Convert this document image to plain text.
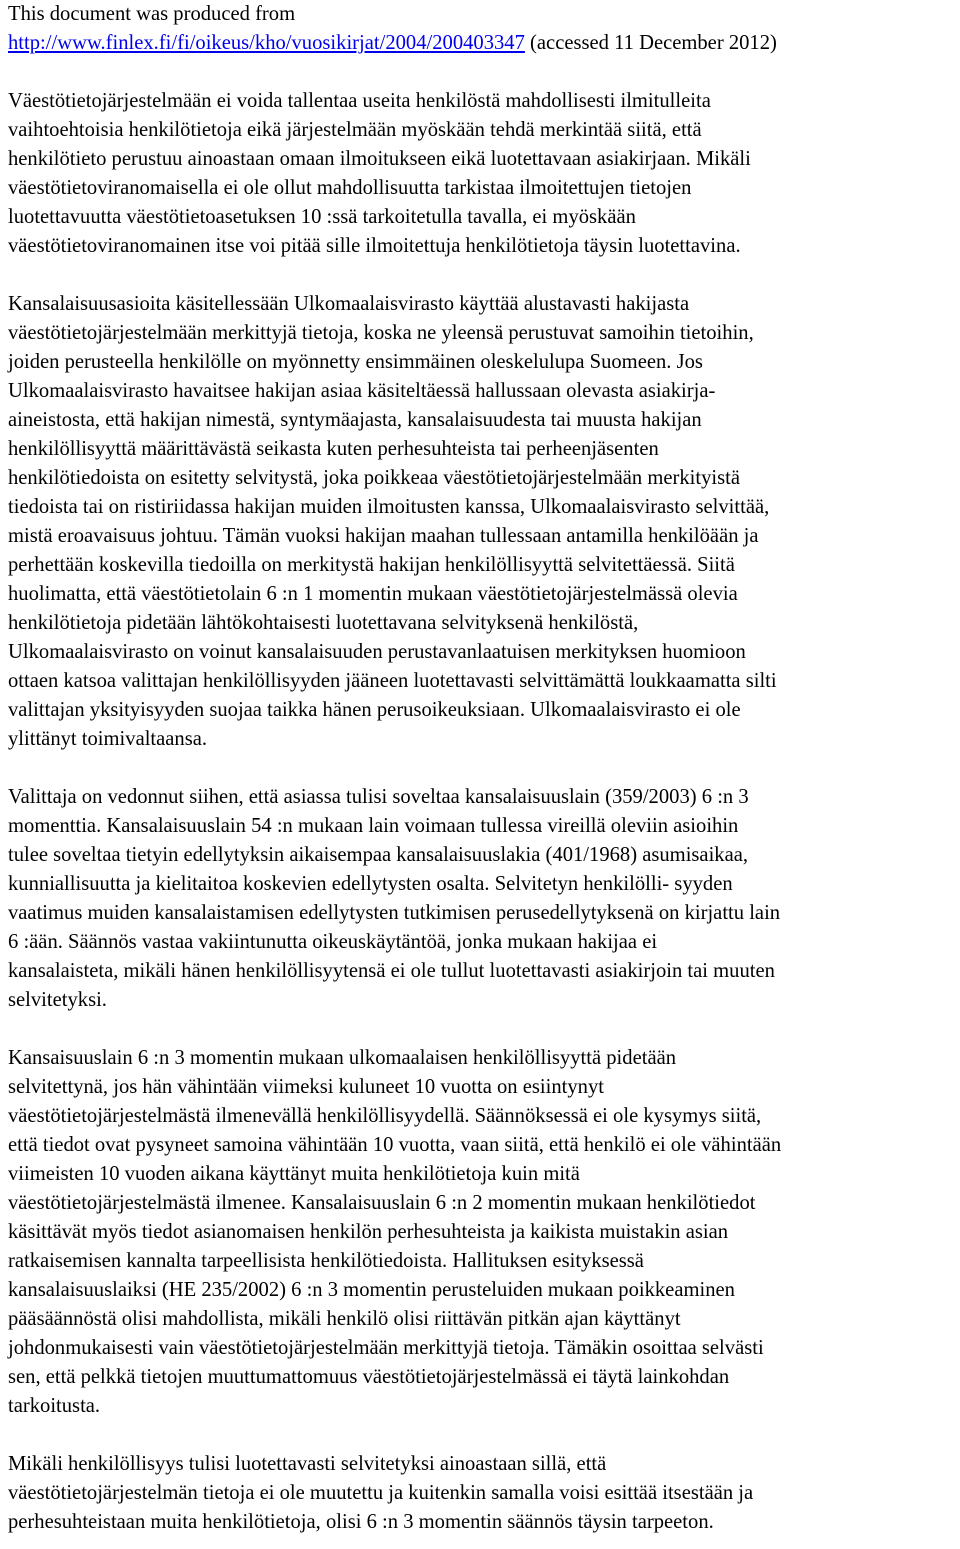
This document was produced from
http://www.finlex.fi/fi/oikeus/kho/vuosikirjat/2004/200403347 (accessed 11 December 2012)

Väestötietojärjestelmään ei voida tallentaa useita henkilöstä mahdollisesti ilmitulleita
vaihtoehtoisia henkilötietoja eikä järjestelmään myöskään tehdä merkintää siitä, että
henkilötieto perustuu ainoastaan omaan ilmoitukseen eikä luotettavaan asiakirjaan. Mikäli
väestötietoviranomaisella ei ole ollut mahdollisuutta tarkistaa ilmoitettujen tietojen
luotettavuutta väestötietoasetuksen 10 :ssä tarkoitetulla tavalla, ei myöskään
väestötietoviranomainen itse voi pitää sille ilmoitettuja henkilötietoja täysin luotettavina.

Kansalaisuusasioita käsitellessään Ulkomaalaisvirasto käyttää alustavasti hakijasta
väestötietojärjestelmään merkittyjä tietoja, koska ne yleensä perustuvat samoihin tietoihin,
joiden perusteella henkilölle on myönnetty ensimmäinen oleskelulupa Suomeen. Jos
Ulkomaalaisvirasto havaitsee hakijan asiaa käsiteltäessä hallussaan olevasta asiakirja-
aineistosta, että hakijan nimestä, syntymäajasta, kansalaisuudesta tai muusta hakijan
henkilöllisyyttä määrittävästä seikasta kuten perhesuhteista tai perheenjäsenten
henkilötiedoista on esitetty selvitystä, joka poikkeaa väestötietojärjestelmään merkityistä
tiedoista tai on ristiriidassa hakijan muiden ilmoitusten kanssa, Ulkomaalaisvirasto selvittää,
mistä eroavaisuus johtuu. Tämän vuoksi hakijan maahan tullessaan antamilla henkilöään ja
perhettään koskevilla tiedoilla on merkitystä hakijan henkilöllisyyttä selvitettäessä. Siitä
huolimatta, että väestötietolain 6 :n 1 momentin mukaan väestötietojärjestelmässä olevia
henkilötietoja pidetään lähtökohtaisesti luotettavana selvityksenä henkilöstä,
Ulkomaalaisvirasto on voinut kansalaisuuden perustavanlaatuisen merkityksen huomioon
ottaen katsoa valittajan henkilöllisyyden jääneen luotettavasti selvittämättä loukkaamatta silti
valittajan yksityisyyden suojaa taikka hänen perusoikeuksiaan. Ulkomaalaisvirasto ei ole
ylittänyt toimivaltaansa.

Valittaja on vedonnut siihen, että asiassa tulisi soveltaa kansalaisuuslain (359/2003) 6 :n 3
momenttia. Kansalaisuuslain 54 :n mukaan lain voimaan tullessa vireillä oleviin asioihin
tulee soveltaa tietyin edellytyksin aikaisempaa kansalaisuuslakia (401/1968) asumisaikaa,
kunniallisuutta ja kielitaitoa koskevien edellytysten osalta. Selvitetyn henkilölli- syyden
vaatimus muiden kansalaistamisen edellytysten tutkimisen perusedellytyksenä on kirjattu lain
6 :ään. Säännös vastaa vakiintunutta oikeuskäytäntöä, jonka mukaan hakijaa ei
kansalaisteta, mikäli hänen henkilöllisyytensä ei ole tullut luotettavasti asiakirjoin tai muuten
selvitetyksi.

Kansaisuuslain 6 :n 3 momentin mukaan ulkomaalaisen henkilöllisyyttä pidetään
selvitettynä, jos hän vähintään viimeksi kuluneet 10 vuotta on esiintynyt
väestötietojärjestelmästä ilmenevällä henkilöllisyydellä. Säännöksessä ei ole kysymys siitä,
että tiedot ovat pysyneet samoina vähintään 10 vuotta, vaan siitä, että henkilö ei ole vähintään
viimeisten 10 vuoden aikana käyttänyt muita henkilötietoja kuin mitä
väestötietojärjestelmästä ilmenee. Kansalaisuuslain 6 :n 2 momentin mukaan henkilötiedot
käsittävät myös tiedot asianomaisen henkilön perhesuhteista ja kaikista muistakin asian
ratkaisemisen kannalta tarpeellisista henkilötiedoista. Hallituksen esityksessä
kansalaisuuslaiksi (HE 235/2002) 6 :n 3 momentin perusteluiden mukaan poikkeaminen
pääsäännöstä olisi mahdollista, mikäli henkilö olisi riittävän pitkän ajan käyttänyt
johdonmukaisesti vain väestötietojärjestelmään merkittyjä tietoja. Tämäkin osoittaa selvästi
sen, että pelkkä tietojen muuttumattomuus väestötietojärjestelmässä ei täytä lainkohdan
tarkoitusta.

Mikäli henkilöllisyys tulisi luotettavasti selvitetyksi ainoastaan sillä, että
väestötietojärjestelmän tietoja ei ole muutettu ja kuitenkin samalla voisi esittää itsestään ja
perhesuhteistaan muita henkilötietoja, olisi 6 :n 3 momentin säännös täysin tarpeeton.
